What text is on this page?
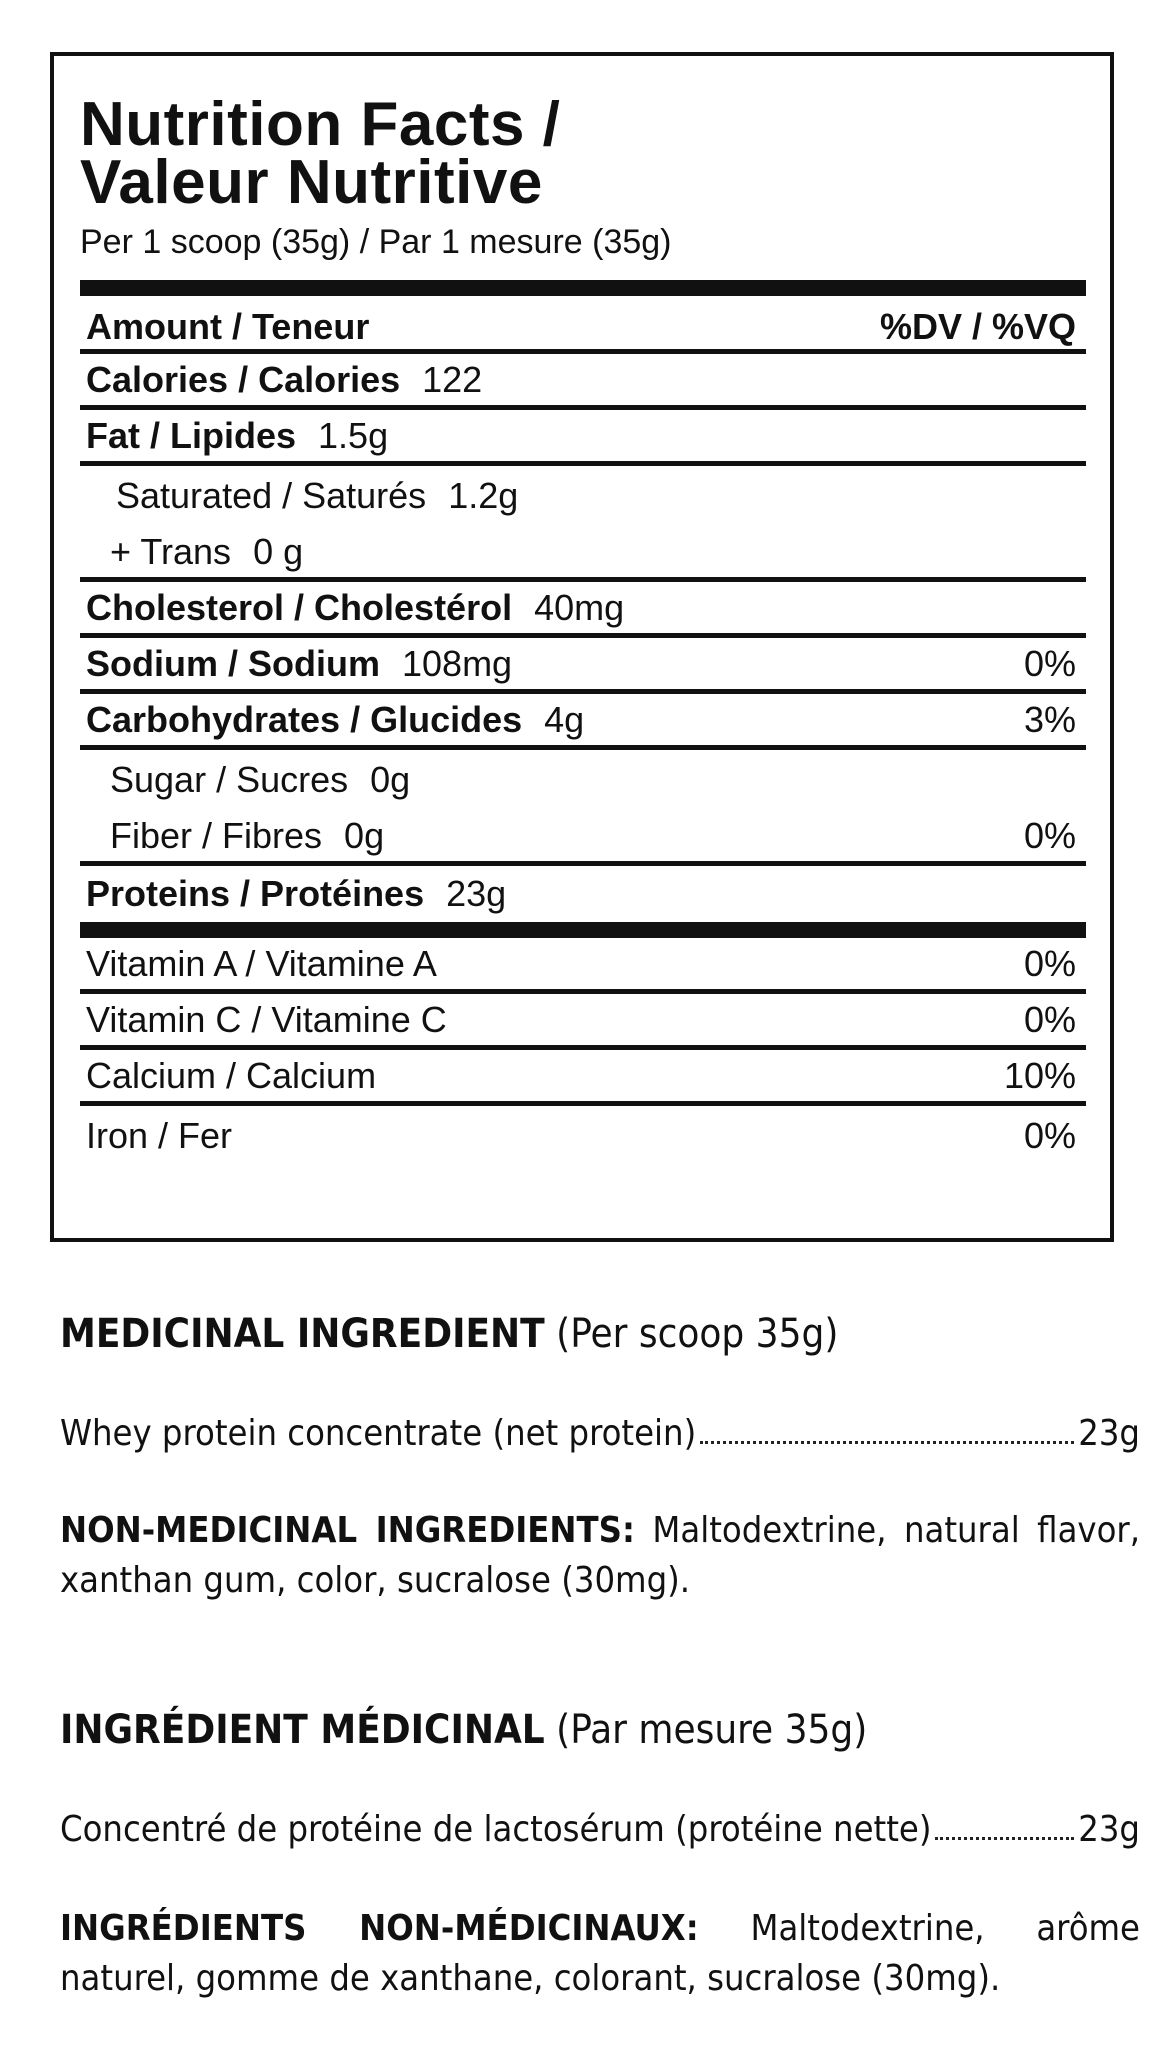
Nutrition Facts /
Valeur Nutritive
Per 1 scoop (35g) / Par 1 mesure (35g)
Amount / Teneur	%DV / %VQ
Calories / Calories 122
Fat / Lipides 1.5g
Saturated / Saturés 1.2g
+ Trans 0 g
Cholesterol / Cholestérol 40mg
Sodium / Sodium 108mg	0%
Carbohydrates / Glucides 4g	3%
Sugar / Sucres 0g
Fiber / Fibres 0g	0%
Proteins / Protéines 23g
Vitamin A / Vitamine A	0%
Vitamin C / Vitamine C	0%
Calcium / Calcium	10%
Iron / Fer	0%
MEDICINAL INGREDIENT (Per scoop 35g)
Whey protein concentrate (net protein)	23g
NON-MEDICINAL INGREDIENTS: Maltodextrine, natural flavor, xanthan gum, color, sucralose (30mg).
INGRÉDIENT MÉDICINAL (Par mesure 35g)
Concentré de protéine de lactosérum (protéine nette)	23g
INGRÉDIENTS NON-MÉDICINAUX: Maltodextrine, arôme naturel, gomme de xanthane, colorant, sucralose (30mg).
